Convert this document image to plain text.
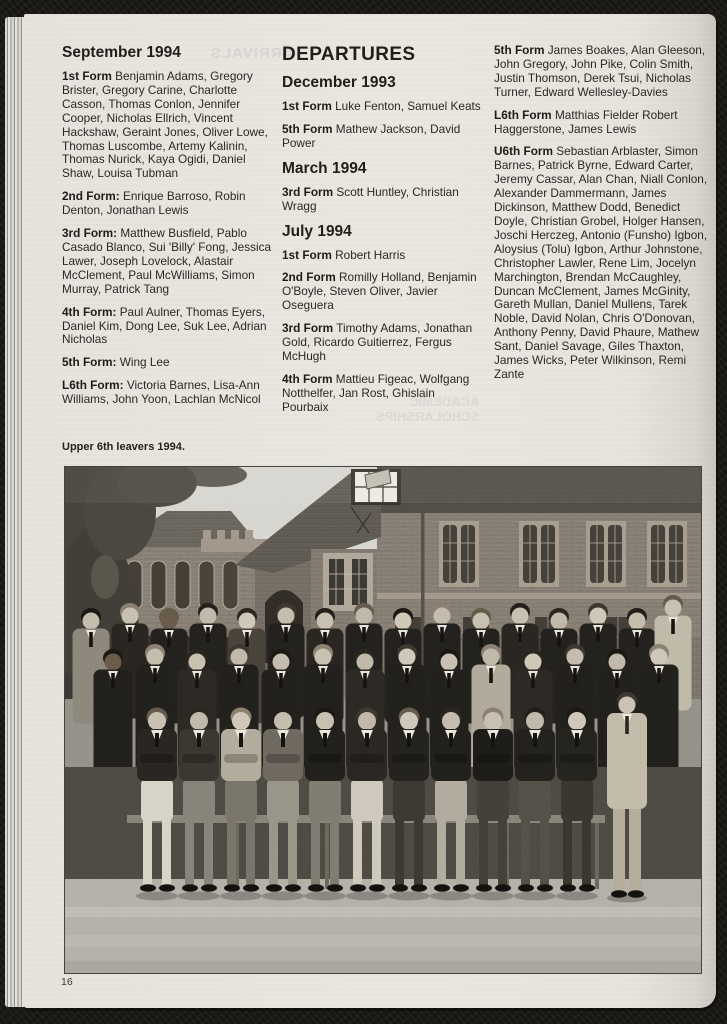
ARRIVALS
ACADEMIC
SCHOLARSHIPS
September 1994

1st Form Benjamin Adams, Gregory Brister, Gregory Carine, Charlotte Casson, Thomas Conlon, Jennifer Cooper, Nicholas Ellrich, Vincent Hackshaw, Geraint Jones, Oliver Lowe, Thomas Luscombe, Artemy Kalinin, Thomas Nurick, Kaya Ogidi, Daniel Shaw, Louisa Tubman

2nd Form: Enrique Barroso, Robin Denton, Jonathan Lewis

3rd Form: Matthew Busfield, Pablo Casado Blanco, Sui 'Billy' Fong, Jessica Lawer, Joseph Lovelock, Alastair McClement, Paul McWilliams, Simon Murray, Patrick Tang

4th Form: Paul Aulner, Thomas Eyers, Daniel Kim, Dong Lee, Suk Lee, Adrian Nicholas

5th Form: Wing Lee

L6th Form: Victoria Barnes, Lisa-Ann Williams, John Yoon, Lachlan McNicol

DEPARTURES
December 1993

1st Form Luke Fenton, Samuel Keats

5th Form Mathew Jackson, David Power

March 1994

3rd Form Scott Huntley, Christian Wragg

July 1994

1st Form Robert Harris

2nd Form Romilly Holland, Benjamin O'Boyle, Steven Oliver, Javier Oseguera

3rd Form Timothy Adams, Jonathan Gold, Ricardo Guitierrez, Fergus McHugh

4th Form Mattieu Figeac, Wolfgang Notthelfer, Jan Rost, Ghislain Pourbaix

5th Form James Boakes, Alan Gleeson, John Gregory, John Pike, Colin Smith, Justin Thomson, Derek Tsui, Nicholas Turner, Edward Wellesley-Davies

L6th Form Matthias Fielder Robert Haggerstone, James Lewis

U6th Form Sebastian Arblaster, Simon Barnes, Patrick Byrne, Edward Carter, Jeremy Cassar, Alan Chan, Niall Conlon, Alexander Dammermann, James Dickinson, Matthew Dodd, Benedict Doyle, Christian Grobel, Holger Hansen, Joschi Herczeg, Antonio (Funsho) Igbon, Aloysius (Tolu) Igbon, Arthur Johnstone, Christopher Lawler, Rene Lim, Jocelyn Marchington, Brendan McCaughley, Duncan McClement, James McGinity, Gareth Mullan, Daniel Mullens, Tarek Noble, David Nolan, Chris O'Donovan, Anthony Penny, David Phaure, Mathew Sant, Daniel Savage, Giles Thaxton, James Wicks, Peter Wilkinson, Remi Zante

Upper 6th leavers 1994.
16
